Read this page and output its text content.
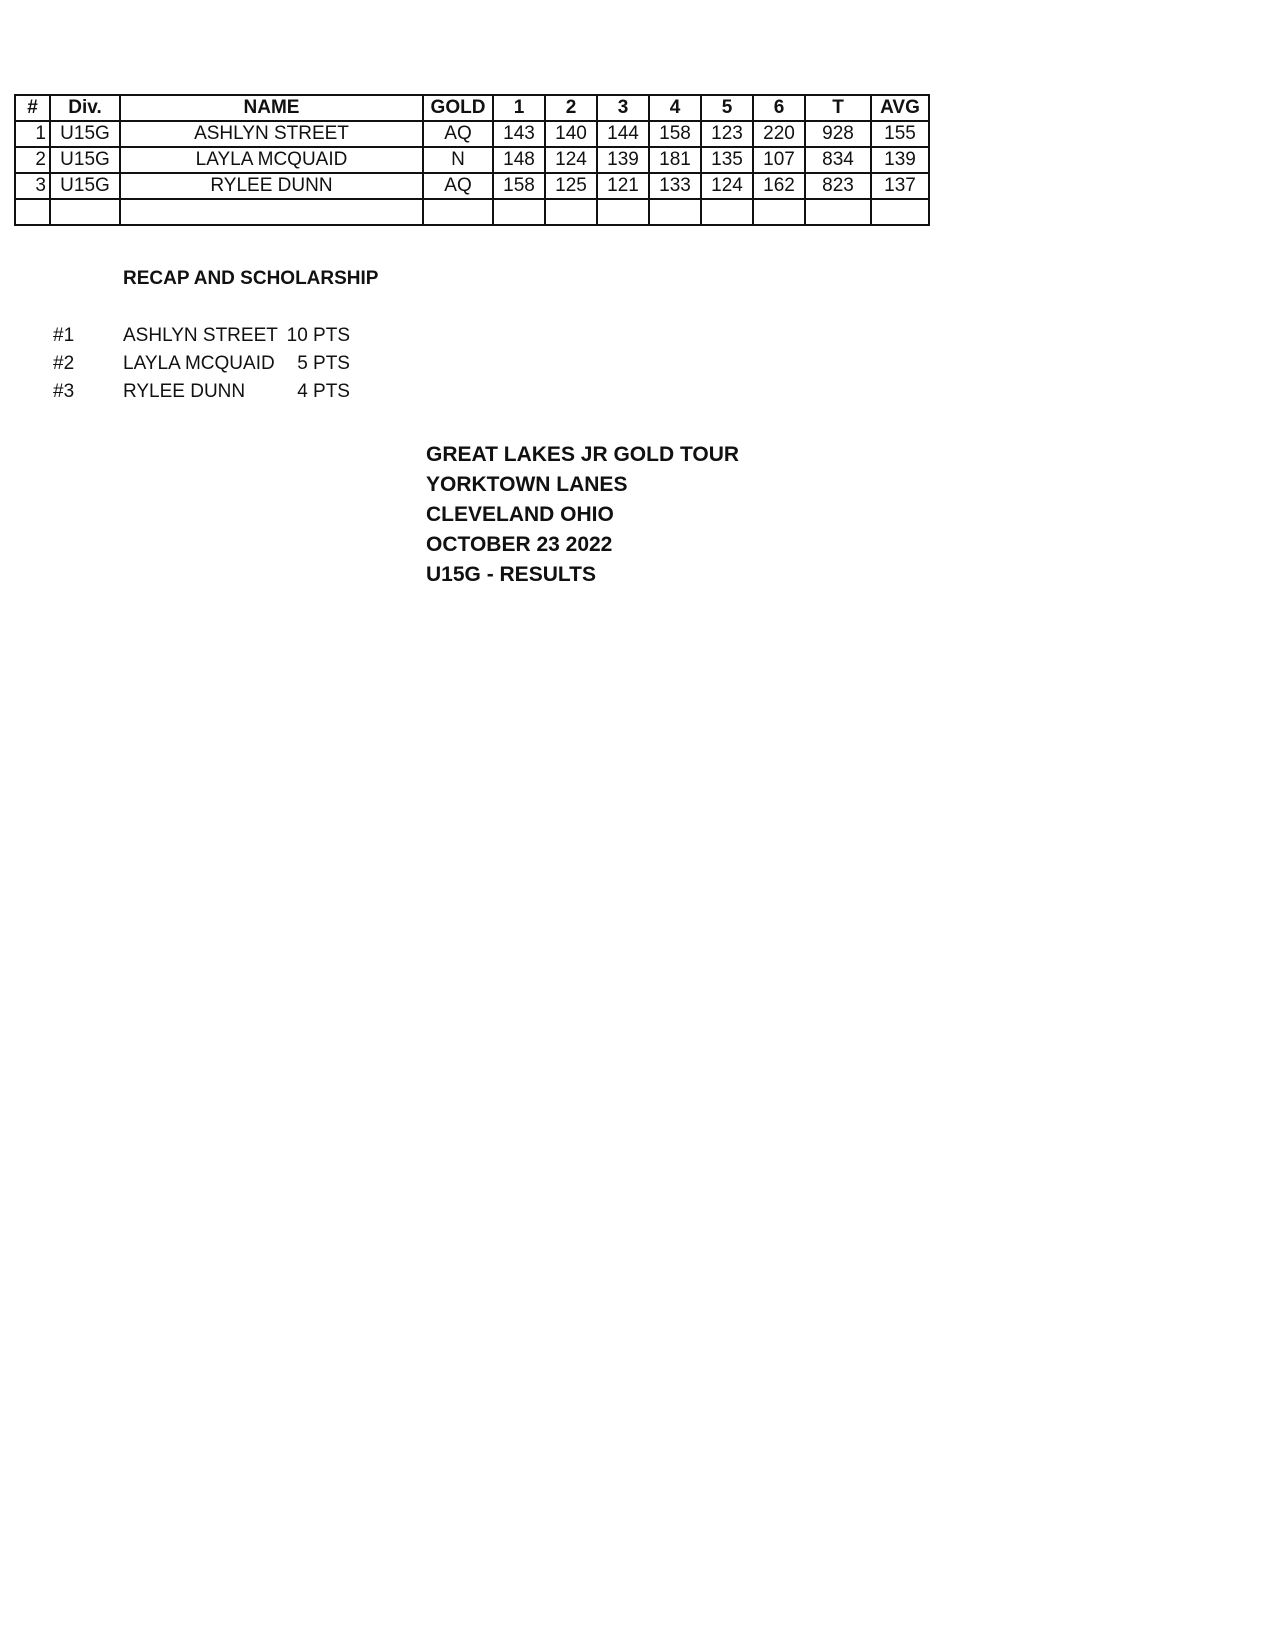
#	Div.	NAME	GOLD	1	2	3	4	5	6	T	AVG
1	U15G	ASHLYN STREET	AQ	143	140	144	158	123	220	928	155
2	U15G	LAYLA MCQUAID	N	148	124	139	181	135	107	834	139
3	U15G	RYLEE DUNN	AQ	158	125	121	133	124	162	823	137

RECAP AND SCHOLARSHIP
#1	ASHLYN STREET 10 PTS
#2	LAYLA MCQUAID	5 PTS
#3	RYLEE DUNN	4 PTS
GREAT LAKES JR GOLD TOUR
YORKTOWN LANES
CLEVELAND OHIO
OCTOBER 23 2022
U15G - RESULTS
